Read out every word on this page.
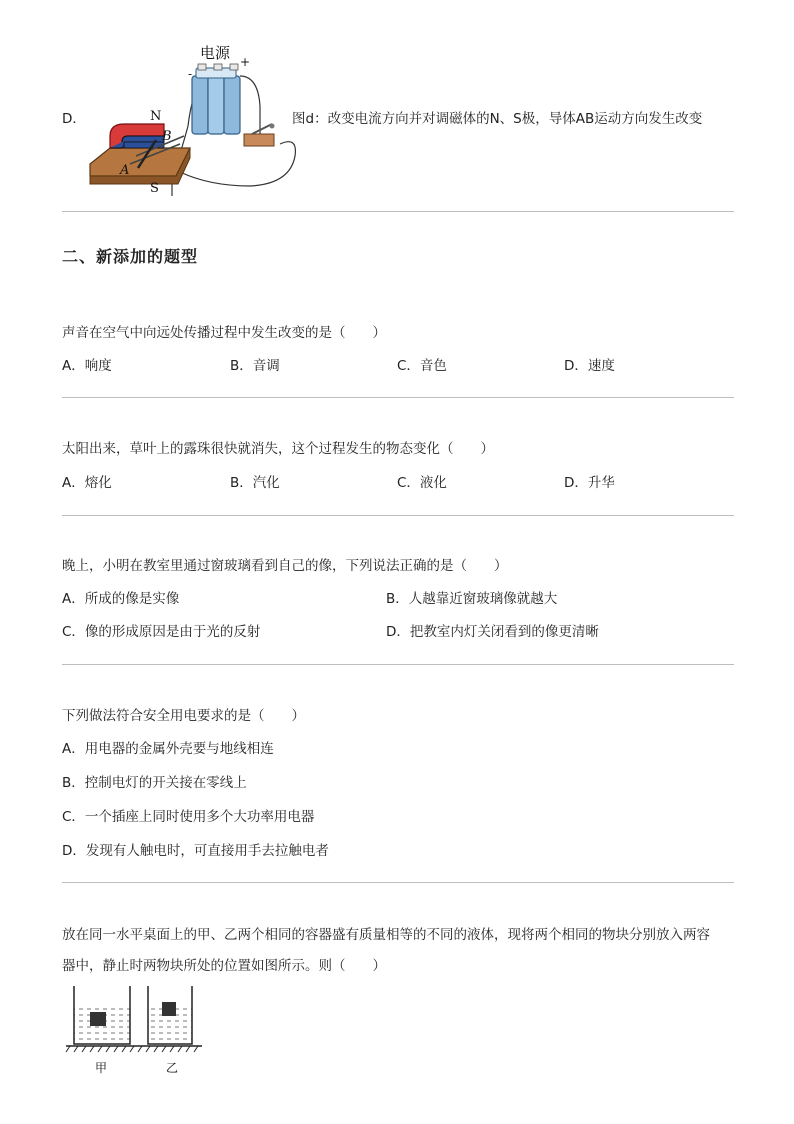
D．
电源
-
+
N
B
A
S
图d：改变电流方向并对调磁体的N、S极，导体AB运动方向发生改变
二、新添加的题型
声音在空气中向远处传播过程中发生改变的是（　　）
A．响度	B．音调	C．音色	D．速度
太阳出来，草叶上的露珠很快就消失，这个过程发生的物态变化（　　）
A．熔化	B．汽化	C．液化	D．升华
晚上，小明在教室里通过窗玻璃看到自己的像，下列说法正确的是（　　）
A．所成的像是实像	B．人越靠近窗玻璃像就越大
C．像的形成原因是由于光的反射	D．把教室内灯关闭看到的像更清晰
下列做法符合安全用电要求的是（　　）
A．用电器的金属外壳要与地线相连
B．控制电灯的开关接在零线上
C．一个插座上同时使用多个大功率用电器
D．发现有人触电时，可直接用手去拉触电者
放在同一水平桌面上的甲、乙两个相同的容器盛有质量相等的不同的液体，现将两个相同的物块分别放入两容
器中，静止时两物块所处的位置如图所示。则（　　）
甲	乙
